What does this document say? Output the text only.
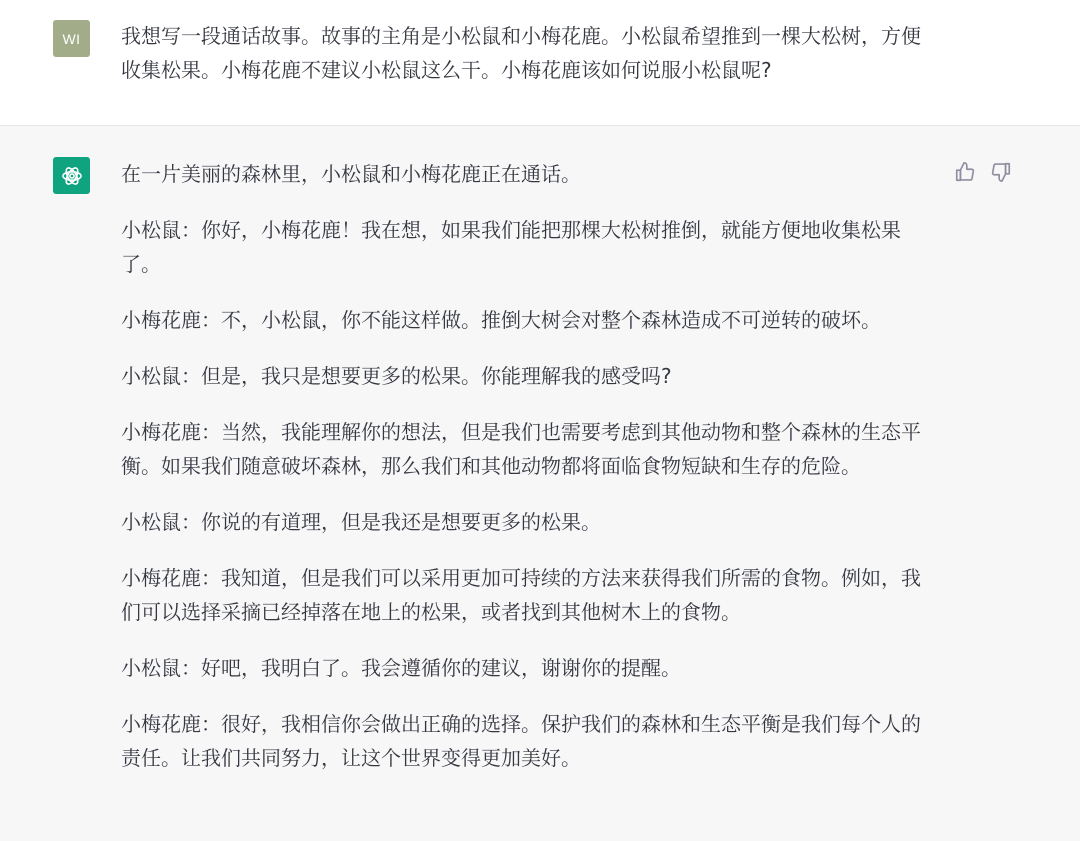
WI 我想写一段通话故事。故事的主角是小松鼠和小梅花鹿。小松鼠希望推到一棵大松树，方便
收集松果。小梅花鹿不建议小松鼠这么干。小梅花鹿该如何说服小松鼠呢?

在一片美丽的森林里，小松鼠和小梅花鹿正在通话。

小松鼠：你好，小梅花鹿！我在想，如果我们能把那棵大松树推倒，就能方便地收集松果
了。

小梅花鹿：不，小松鼠，你不能这样做。推倒大树会对整个森林造成不可逆转的破坏。

小松鼠：但是，我只是想要更多的松果。你能理解我的感受吗?

小梅花鹿：当然，我能理解你的想法，但是我们也需要考虑到其他动物和整个森林的生态平
衡。如果我们随意破坏森林，那么我们和其他动物都将面临食物短缺和生存的危险。

小松鼠：你说的有道理，但是我还是想要更多的松果。

小梅花鹿：我知道，但是我们可以采用更加可持续的方法来获得我们所需的食物。例如，我
们可以选择采摘已经掉落在地上的松果，或者找到其他树木上的食物。

小松鼠：好吧，我明白了。我会遵循你的建议，谢谢你的提醒。

小梅花鹿：很好，我相信你会做出正确的选择。保护我们的森林和生态平衡是我们每个人的
责任。让我们共同努力，让这个世界变得更加美好。
